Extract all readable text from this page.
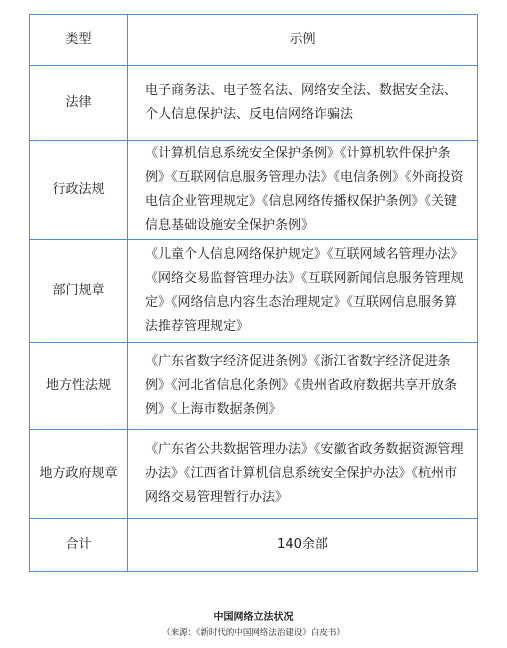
类型	示例
法律	电子商务法、电子签名法、网络安全法、数据安全法、个人信息保护法、反电信网络诈骗法
行政法规	《计算机信息系统安全保护条例》《计算机软件保护条例》《互联网信息服务管理办法》《电信条例》《外商投资电信企业管理规定》《信息网络传播权保护条例》《关键信息基础设施安全保护条例》
部门规章	《儿童个人信息网络保护规定》《互联网域名管理办法》《网络交易监督管理办法》《互联网新闻信息服务管理规定》《网络信息内容生态治理规定》《互联网信息服务算法推荐管理规定》
地方性法规	《广东省数字经济促进条例》《浙江省数字经济促进条例》《河北省信息化条例》《贵州省政府数据共享开放条例》《上海市数据条例》
地方政府规章	《广东省公共数据管理办法》《安徽省政务数据资源管理办法》《江西省计算机信息系统安全保护办法》《杭州市网络交易管理暂行办法》
合计	140余部
中国网络立法状况
（来源：《新时代的中国网络法治建设》白皮书）
